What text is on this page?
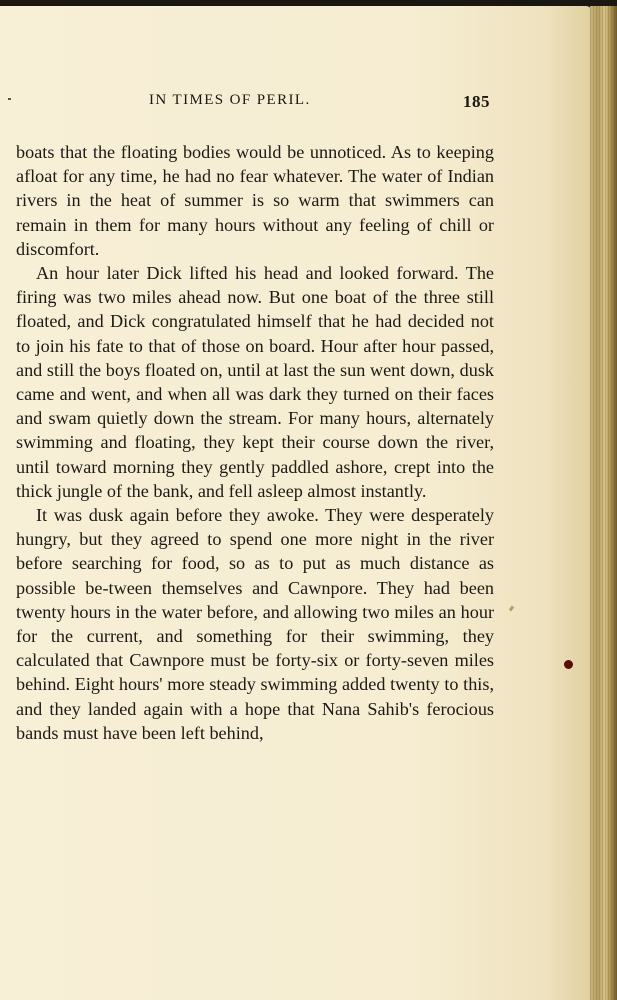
IN TIMES OF PERIL.	185

boats that the floating bodies would be unnoticed. As to keeping afloat for any time, he had no fear whatever. The water of Indian rivers in the heat of summer is so warm that swimmers can remain in them for many hours without any feeling of chill or discomfort.

An hour later Dick lifted his head and looked forward. The firing was two miles ahead now. But one boat of the three still floated, and Dick congratulated himself that he had decided not to join his fate to that of those on board. Hour after hour passed, and still the boys floated on, until at last the sun went down, dusk came and went, and when all was dark they turned on their faces and swam quietly down the stream. For many hours, alternately swimming and floating, they kept their course down the river, until toward morning they gently paddled ashore, crept into the thick jungle of the bank, and fell asleep almost instantly.

It was dusk again before they awoke. They were desperately hungry, but they agreed to spend one more night in the river before searching for food, so as to put as much distance as possible be-tween themselves and Cawnpore. They had been twenty hours in the water before, and allowing two miles an hour for the current, and something for their swimming, they calculated that Cawnpore must be forty-six or forty-seven miles behind. Eight hours' more steady swimming added twenty to this, and they landed again with a hope that Nana Sahib's ferocious bands must have been left behind,
